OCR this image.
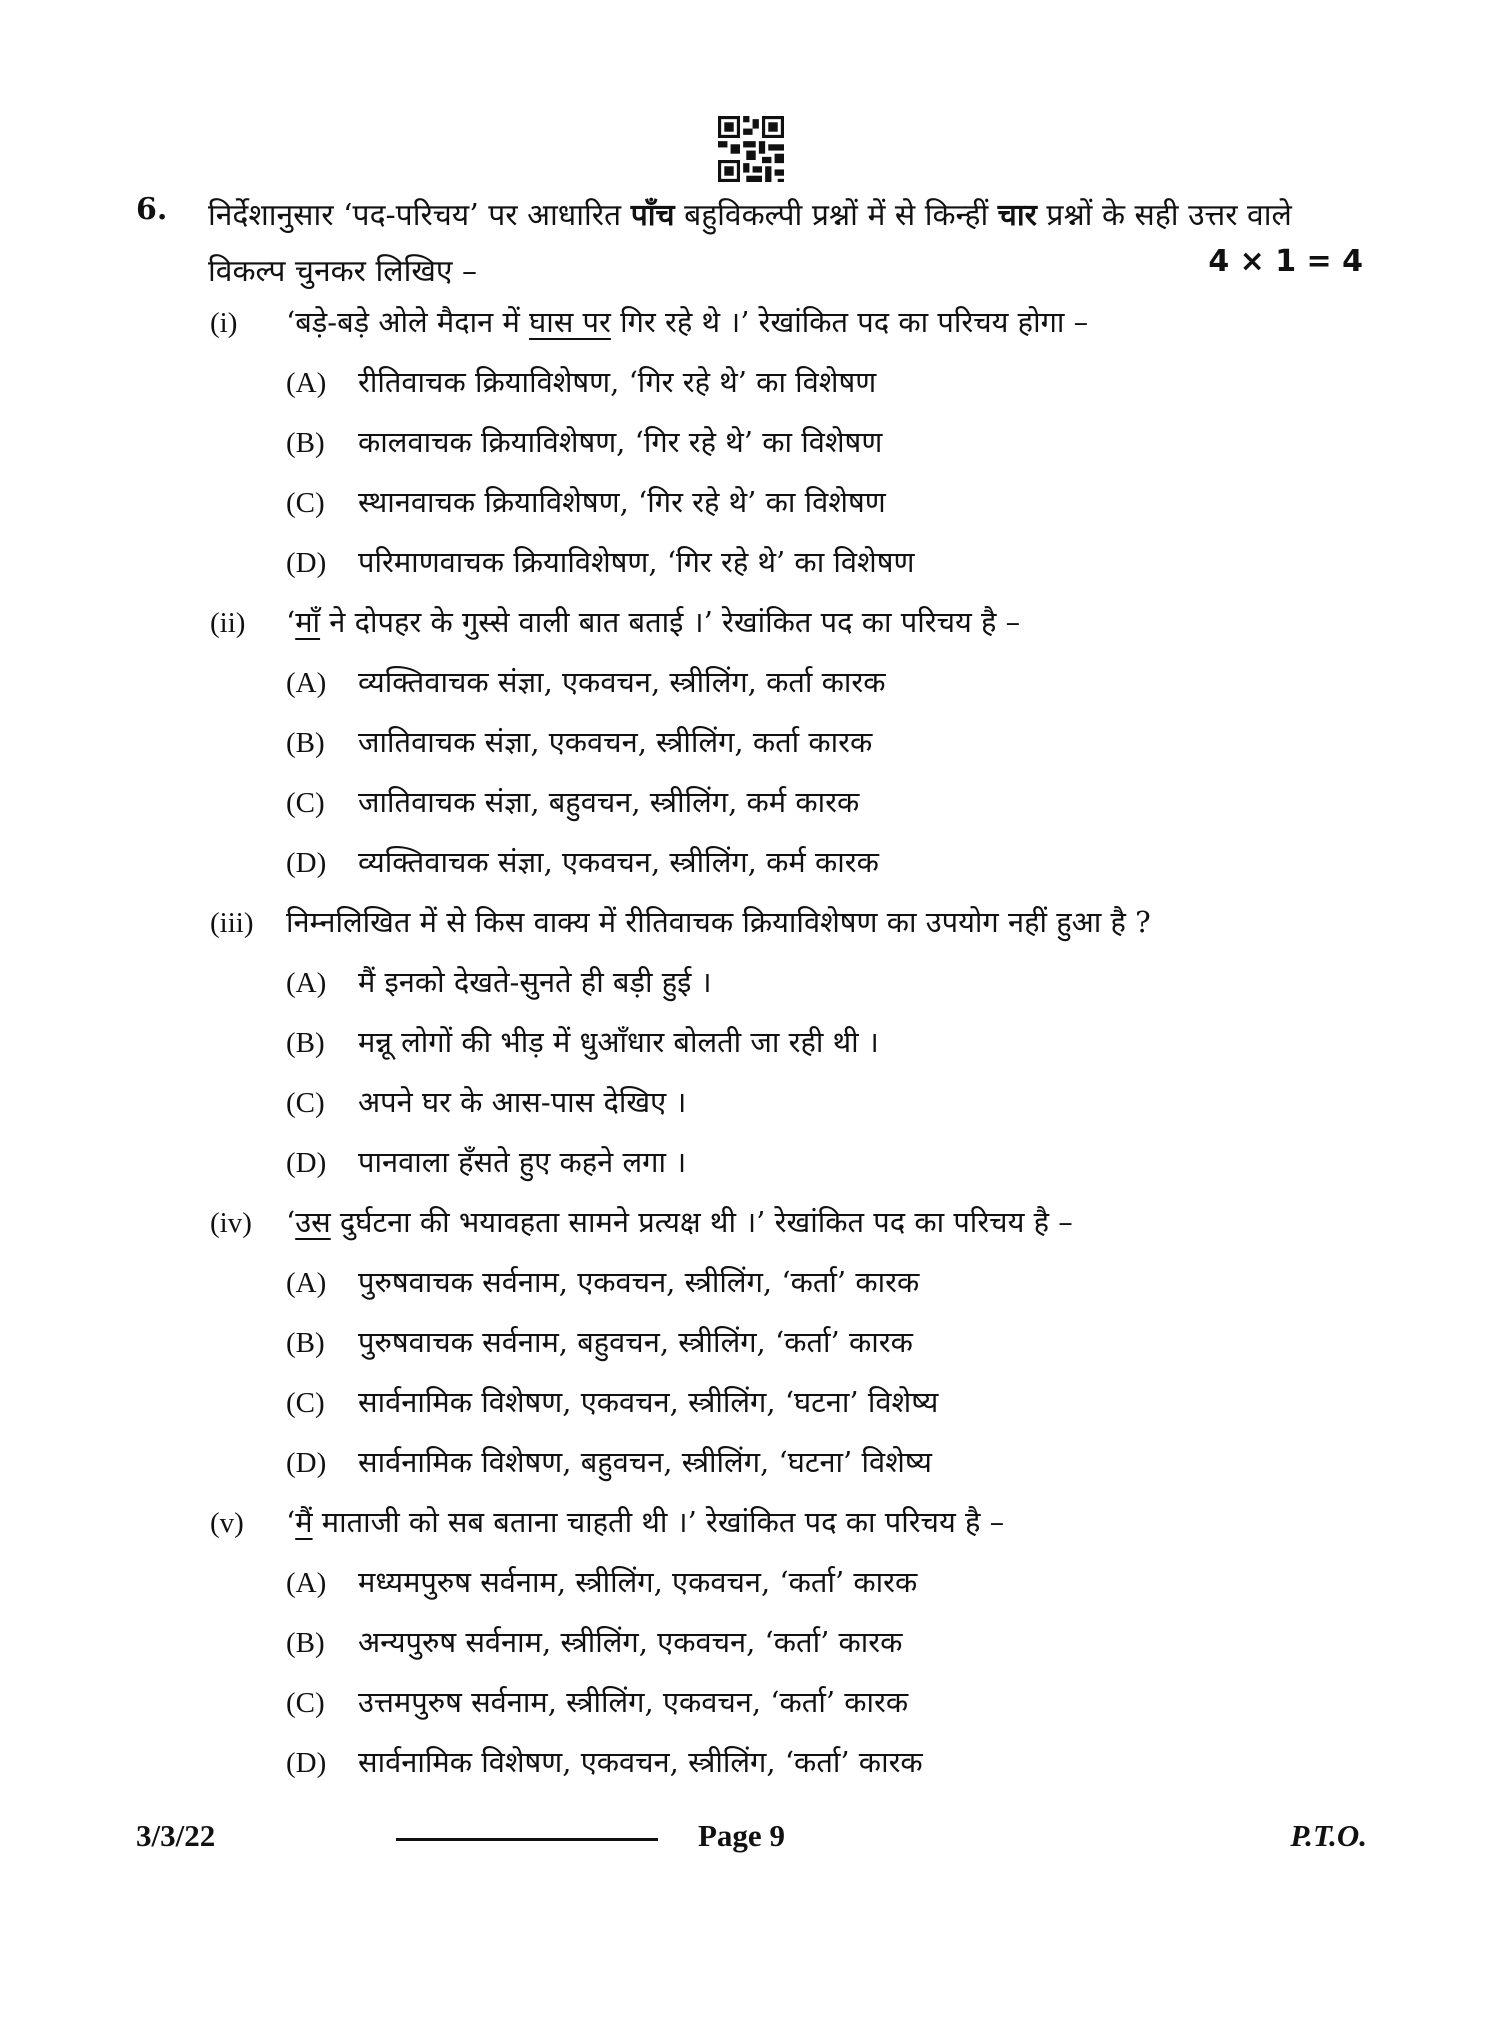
6. निर्देशानुसार ‘पद-परिचय’ पर आधारित पाँच बहुविकल्पी प्रश्नों में से किन्हीं चार प्रश्नों के सही उत्तर वाले विकल्प चुनकर लिखिए –	4 × 1 = 4
(i) ‘बड़े-बड़े ओले मैदान में घास पर गिर रहे थे ।’ रेखांकित पद का परिचय होगा –
(A) रीतिवाचक क्रियाविशेषण, ‘गिर रहे थे’ का विशेषण
(B) कालवाचक क्रियाविशेषण, ‘गिर रहे थे’ का विशेषण
(C) स्थानवाचक क्रियाविशेषण, ‘गिर रहे थे’ का विशेषण
(D) परिमाणवाचक क्रियाविशेषण, ‘गिर रहे थे’ का विशेषण
(ii) ‘माँ ने दोपहर के गुस्से वाली बात बताई ।’ रेखांकित पद का परिचय है –
(A) व्यक्तिवाचक संज्ञा, एकवचन, स्त्रीलिंग, कर्ता कारक
(B) जातिवाचक संज्ञा, एकवचन, स्त्रीलिंग, कर्ता कारक
(C) जातिवाचक संज्ञा, बहुवचन, स्त्रीलिंग, कर्म कारक
(D) व्यक्तिवाचक संज्ञा, एकवचन, स्त्रीलिंग, कर्म कारक
(iii) निम्नलिखित में से किस वाक्य में रीतिवाचक क्रियाविशेषण का उपयोग नहीं हुआ है ?
(A) मैं इनको देखते-सुनते ही बड़ी हुई ।
(B) मन्नू लोगों की भीड़ में धुआँधार बोलती जा रही थी ।
(C) अपने घर के आस-पास देखिए ।
(D) पानवाला हँसते हुए कहने लगा ।
(iv) ‘उस दुर्घटना की भयावहता सामने प्रत्यक्ष थी ।’ रेखांकित पद का परिचय है –
(A) पुरुषवाचक सर्वनाम, एकवचन, स्त्रीलिंग, ‘कर्ता’ कारक
(B) पुरुषवाचक सर्वनाम, बहुवचन, स्त्रीलिंग, ‘कर्ता’ कारक
(C) सार्वनामिक विशेषण, एकवचन, स्त्रीलिंग, ‘घटना’ विशेष्य
(D) सार्वनामिक विशेषण, बहुवचन, स्त्रीलिंग, ‘घटना’ विशेष्य
(v) ‘मैं माताजी को सब बताना चाहती थी ।’ रेखांकित पद का परिचय है –
(A) मध्यमपुरुष सर्वनाम, स्त्रीलिंग, एकवचन, ‘कर्ता’ कारक
(B) अन्यपुरुष सर्वनाम, स्त्रीलिंग, एकवचन, ‘कर्ता’ कारक
(C) उत्तमपुरुष सर्वनाम, स्त्रीलिंग, एकवचन, ‘कर्ता’ कारक
(D) सार्वनामिक विशेषण, एकवचन, स्त्रीलिंग, ‘कर्ता’ कारक
3/3/22	Page 9	P.T.O.
